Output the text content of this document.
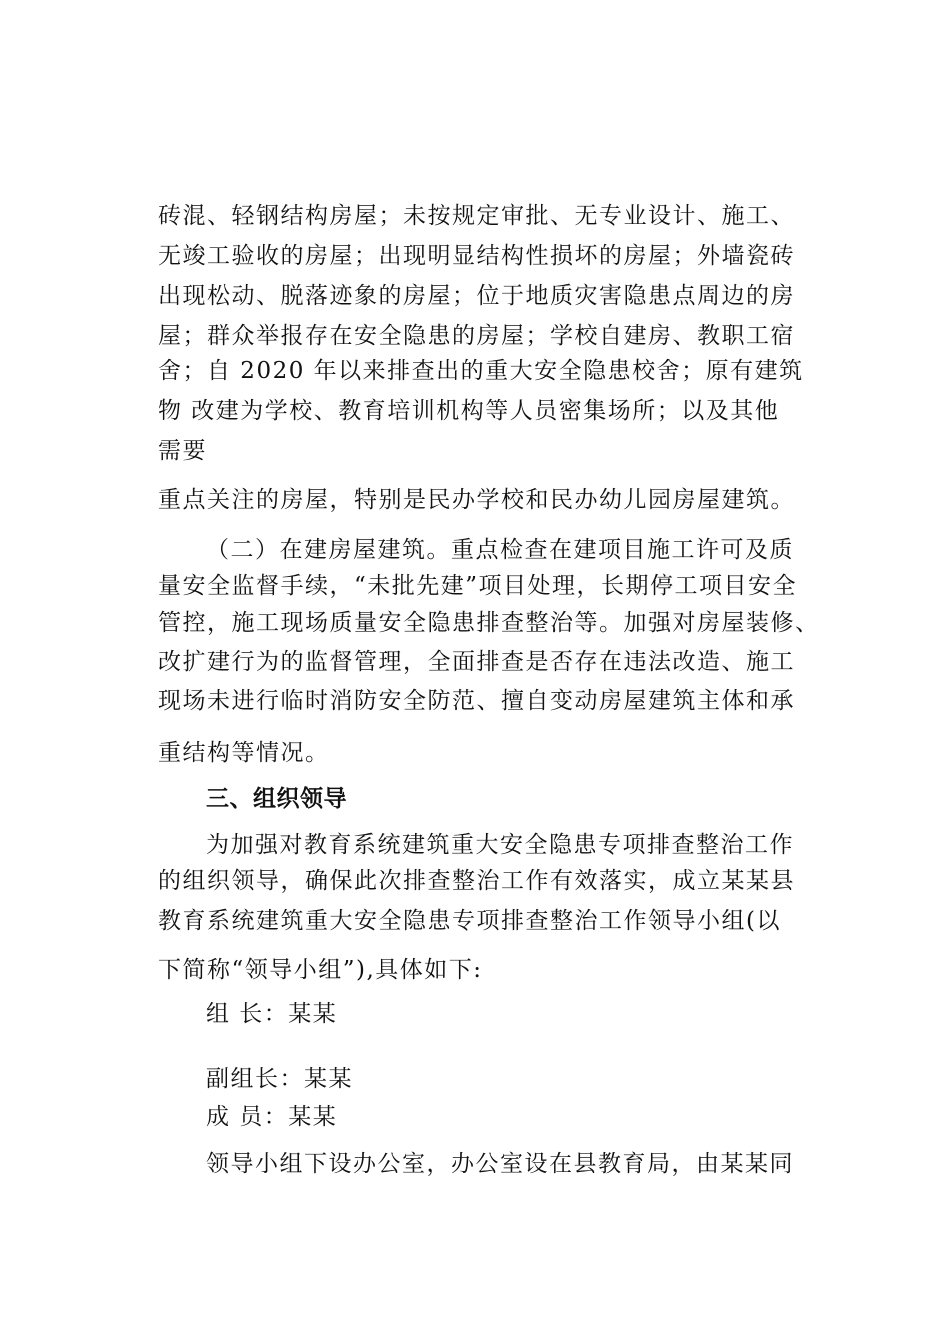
砖混、轻钢结构房屋；未按规定审批、无专业设计、施工、
无竣工验收的房屋；出现明显结构性损坏的房屋；外墙瓷砖
出现松动、脱落迹象的房屋；位于地质灾害隐患点周边的房
屋；群众举报存在安全隐患的房屋；学校自建房、教职工宿
舍；自 2020 年以来排查出的重大安全隐患校舍；原有建筑
物 改建为学校、教育培训机构等人员密集场所；以及其他
需要
重点关注的房屋，特别是民办学校和民办幼儿园房屋建筑。
（二）在建房屋建筑。重点检查在建项目施工许可及质
量安全监督手续，“未批先建”项目处理，长期停工项目安全
管控，施工现场质量安全隐患排查整治等。加强对房屋装修、
改扩建行为的监督管理，全面排查是否存在违法改造、施工
现场未进行临时消防安全防范、擅自变动房屋建筑主体和承
重结构等情况。
三、组织领导
为加强对教育系统建筑重大安全隐患专项排查整治工作
的组织领导，确保此次排查整治工作有效落实，成立某某县
教育系统建筑重大安全隐患专项排查整治工作领导小组(以
下简称“领导小组”),具体如下:
组 长：某某
副组长：某某
成 员：某某
领导小组下设办公室，办公室设在县教育局，由某某同
